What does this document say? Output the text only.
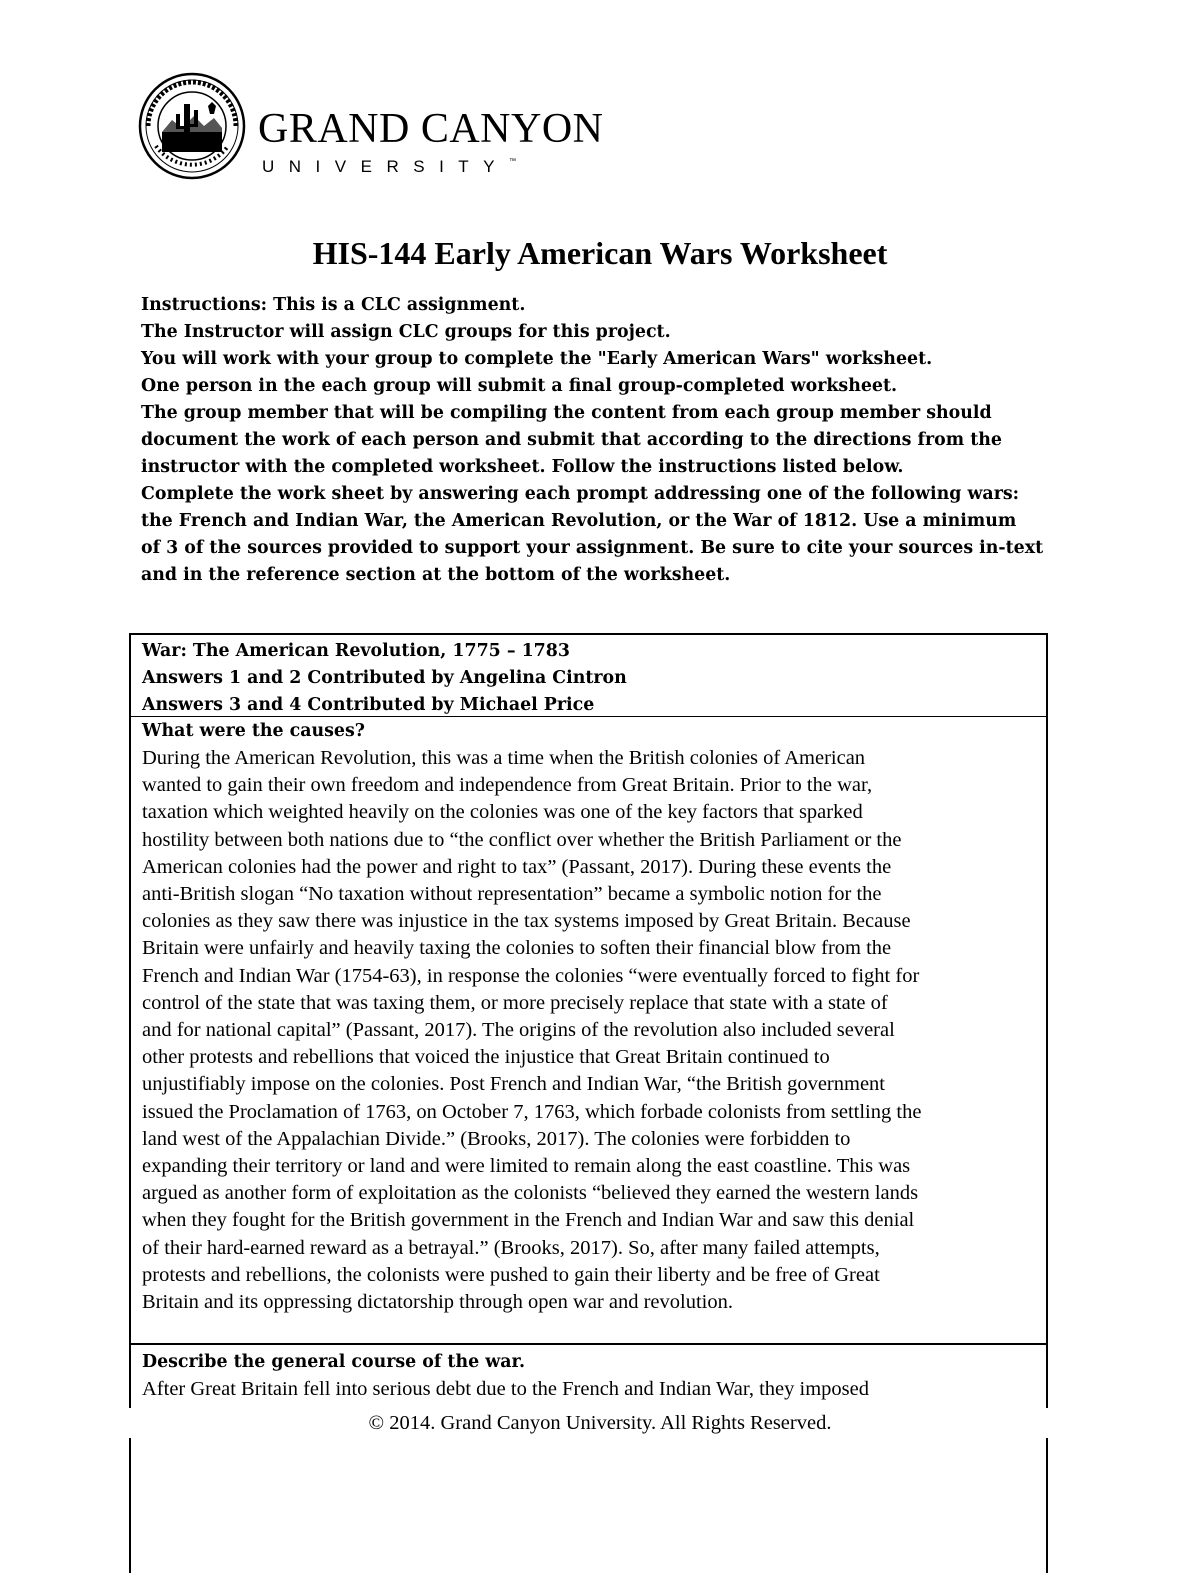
GRAND CANYON
UNIVERSITY™
HIS-144 Early American Wars Worksheet
Instructions: This is a CLC assignment.
The Instructor will assign CLC groups for this project.
You will work with your group to complete the "Early American Wars" worksheet.
One person in the each group will submit a final group-completed worksheet.
The group member that will be compiling the content from each group member should
document the work of each person and submit that according to the directions from the
instructor with the completed worksheet. Follow the instructions listed below.
Complete the work sheet by answering each prompt addressing one of the following wars:
the French and Indian War, the American Revolution, or the War of 1812. Use a minimum
of 3 of the sources provided to support your assignment. Be sure to cite your sources in-text
and in the reference section at the bottom of the worksheet.
War: The American Revolution, 1775 – 1783
Answers 1 and 2 Contributed by Angelina Cintron
Answers 3 and 4 Contributed by Michael Price
What were the causes?
During the American Revolution, this was a time when the British colonies of American
wanted to gain their own freedom and independence from Great Britain. Prior to the war,
taxation which weighted heavily on the colonies was one of the key factors that sparked
hostility between both nations due to “the conflict over whether the British Parliament or the
American colonies had the power and right to tax” (Passant, 2017). During these events the
anti-British slogan “No taxation without representation” became a symbolic notion for the
colonies as they saw there was injustice in the tax systems imposed by Great Britain. Because
Britain were unfairly and heavily taxing the colonies to soften their financial blow from the
French and Indian War (1754-63), in response the colonies “were eventually forced to fight for
control of the state that was taxing them, or more precisely replace that state with a state of
and for national capital” (Passant, 2017). The origins of the revolution also included several
other protests and rebellions that voiced the injustice that Great Britain continued to
unjustifiably impose on the colonies. Post French and Indian War, “the British government
issued the Proclamation of 1763, on October 7, 1763, which forbade colonists from settling the
land west of the Appalachian Divide.” (Brooks, 2017). The colonies were forbidden to
expanding their territory or land and were limited to remain along the east coastline. This was
argued as another form of exploitation as the colonists “believed they earned the western lands
when they fought for the British government in the French and Indian War and saw this denial
of their hard-earned reward as a betrayal.” (Brooks, 2017). So, after many failed attempts,
protests and rebellions, the colonists were pushed to gain their liberty and be free of Great
Britain and its oppressing dictatorship through open war and revolution.
Describe the general course of the war.
After Great Britain fell into serious debt due to the French and Indian War, they imposed
© 2014. Grand Canyon University. All Rights Reserved.
